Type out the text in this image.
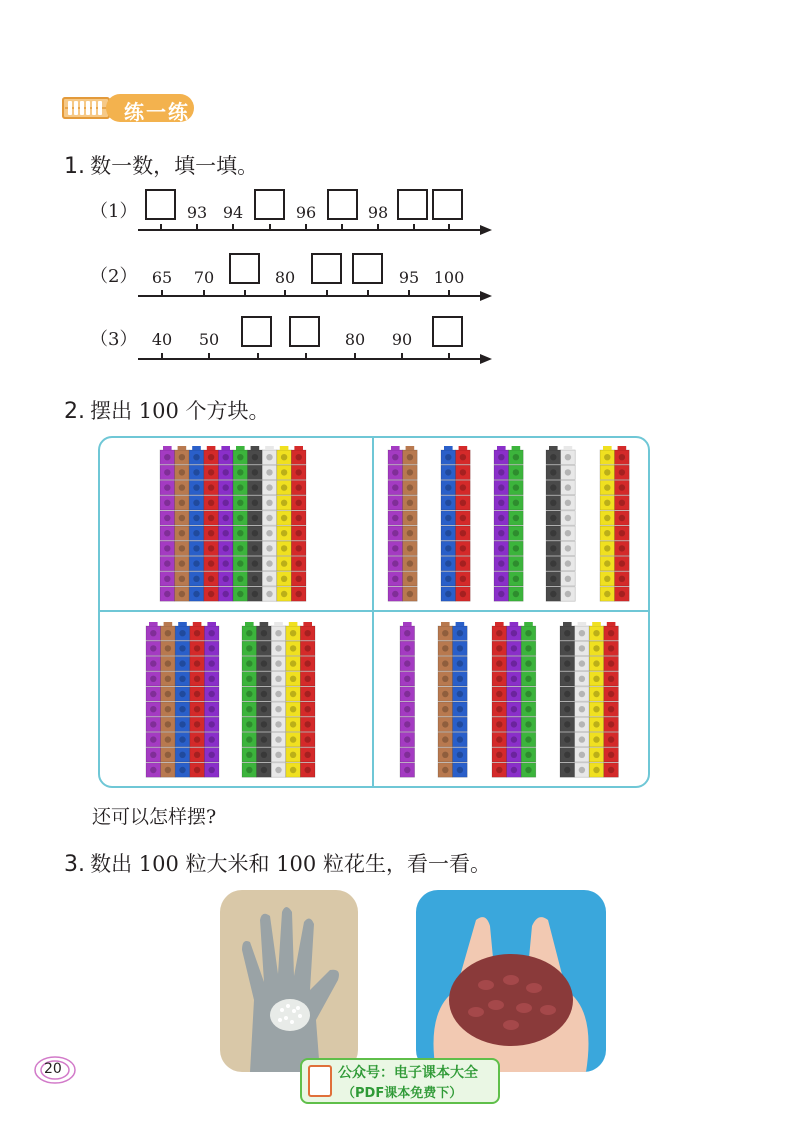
练一练
1. 数一数，填一填。
（1）	93 94	96	98
（2） 65 70	80	95 100
（3） 40 50	80 90
2. 摆出 100 个方块。
还可以怎样摆?
3. 数出 100 粒大米和 100 粒花生，看一看。
20	公众号：电子课本大全
（PDF课本免费下）
